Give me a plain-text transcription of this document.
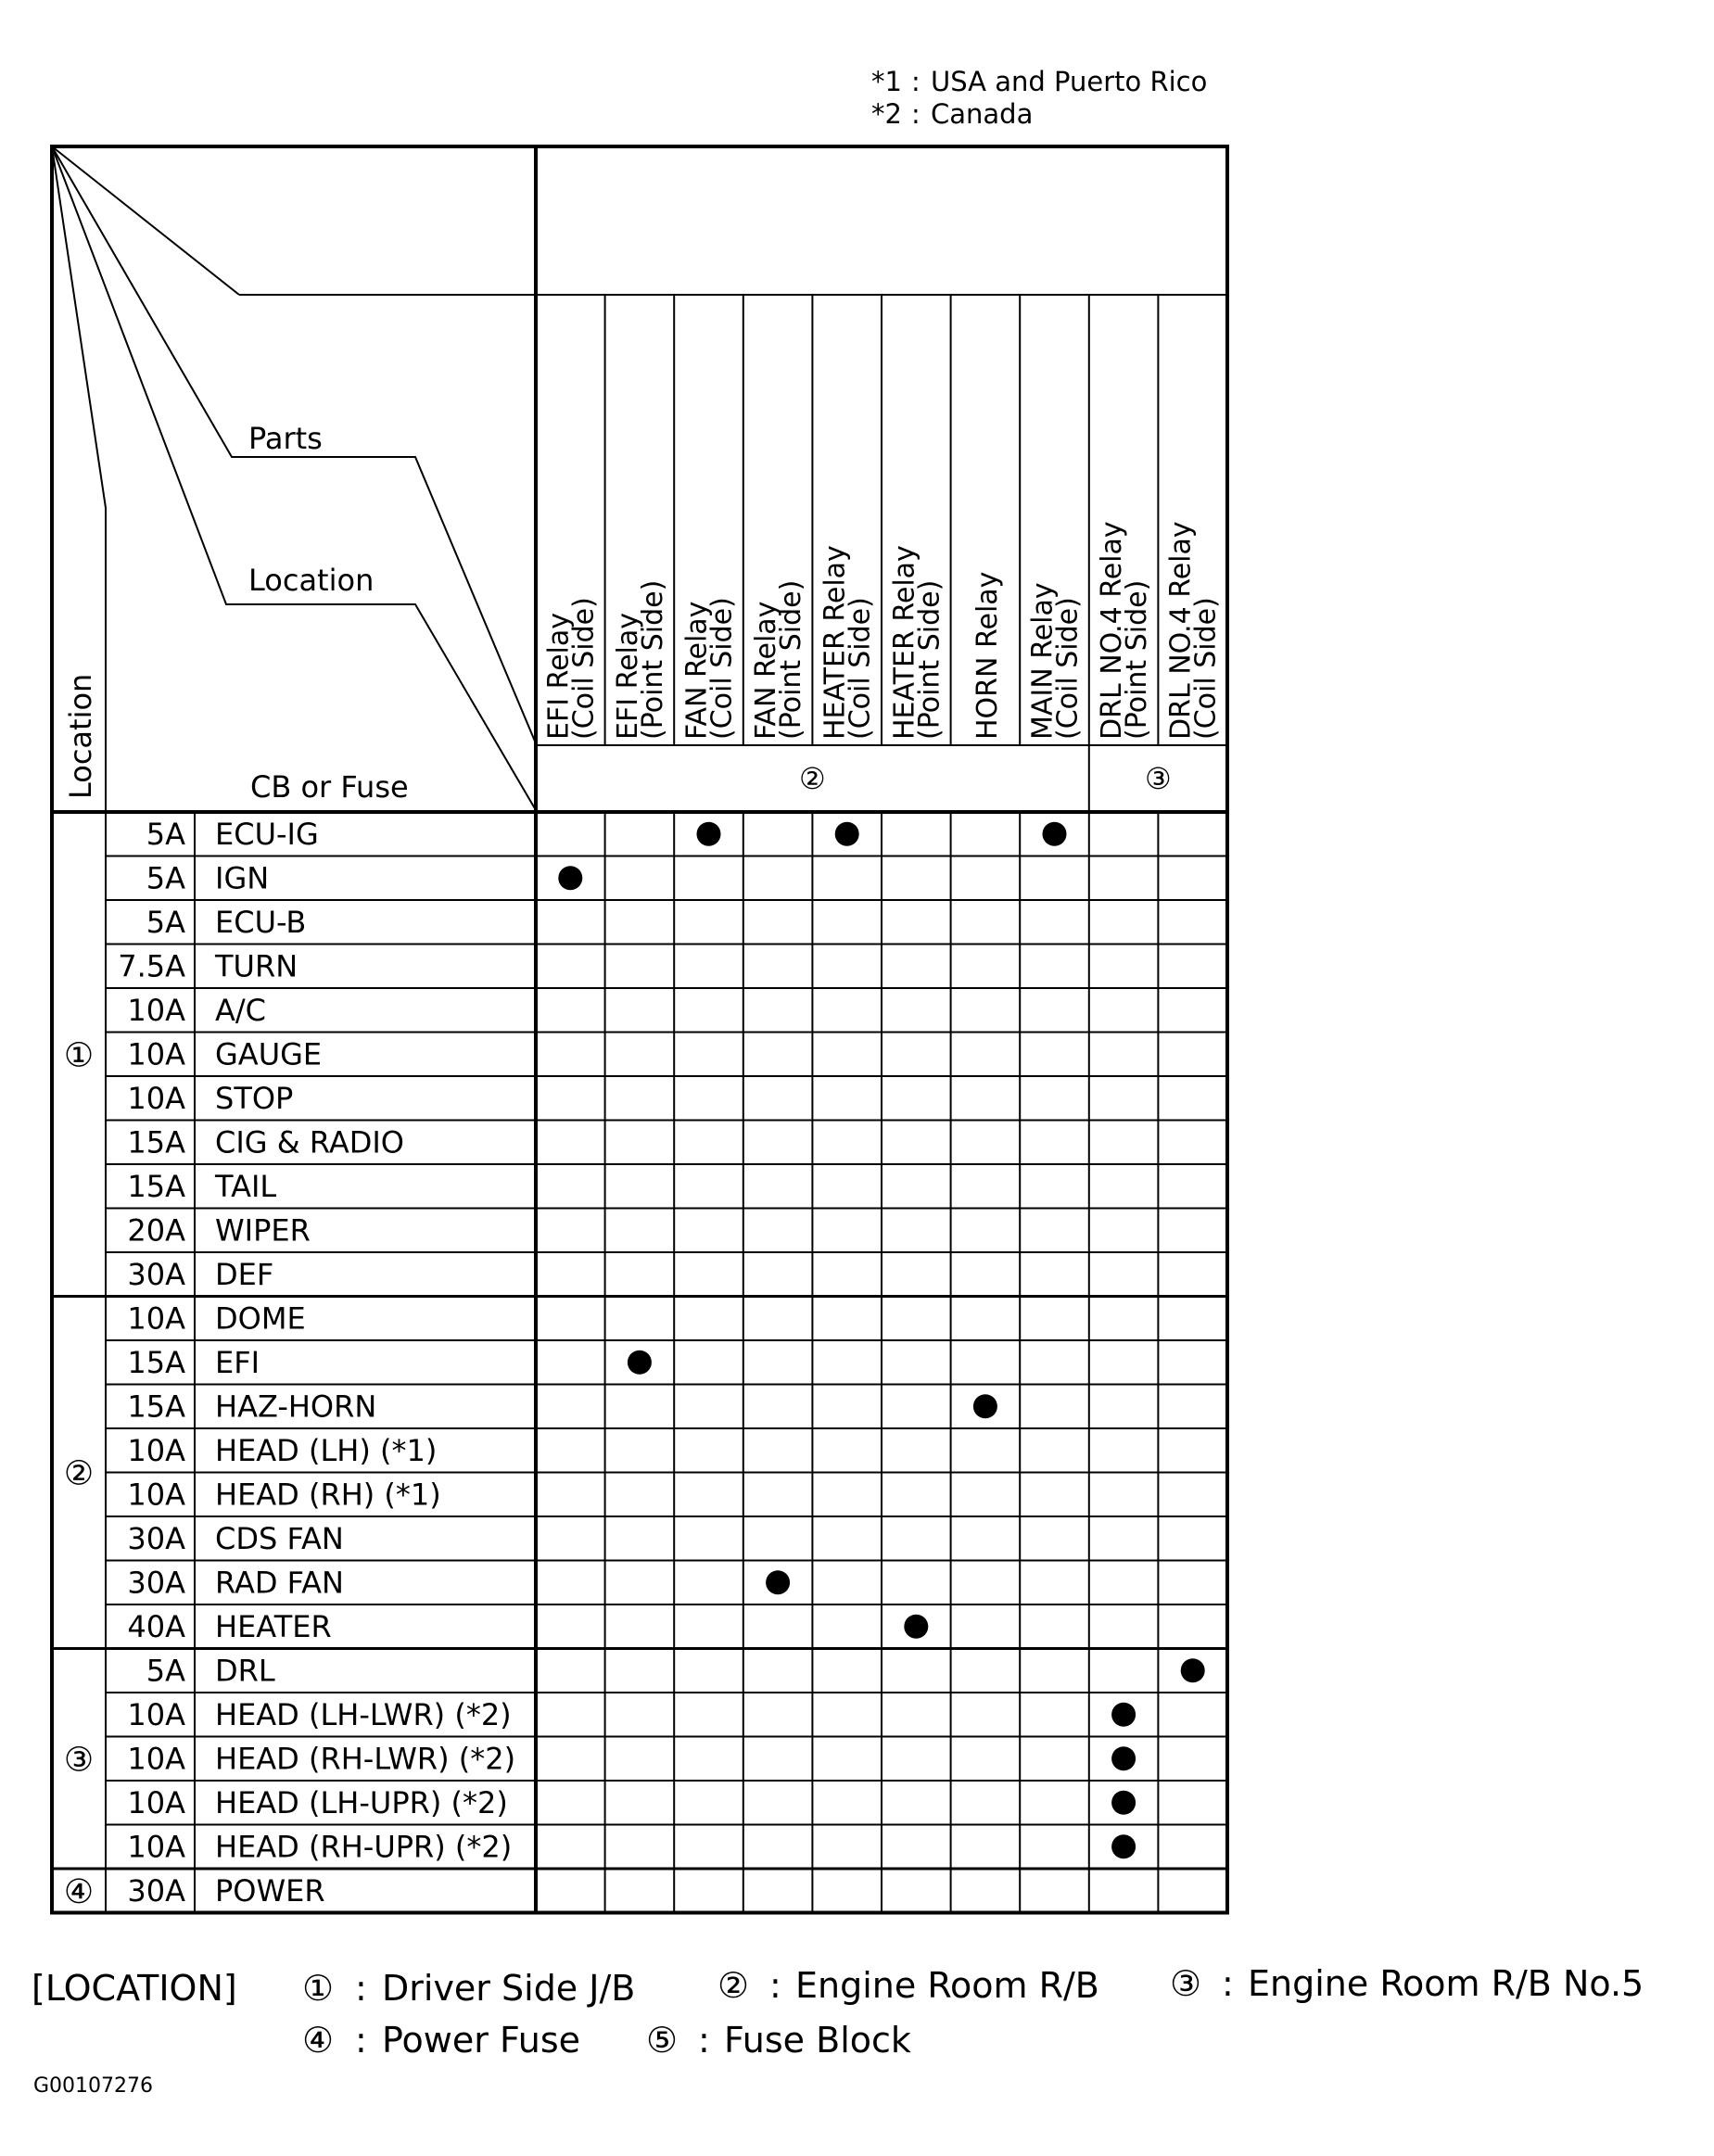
*1 : USA and Puerto Rico
*2 : Canada
Parts
Location
Location	CB or Fuse
EFI Relay
(Coil Side) EFI Relay
(Point Side) FAN Relay
(Coil Side) FAN Relay
(Point Side) HEATER Relay
(Coil Side) HEATER Relay
(Point Side) HORN Relay MAIN Relay
(Coil Side) DRL NO.4 Relay
(Point Side) DRL NO.4 Relay
(Coil Side)
②	③
5A ECU-IG
5A IGN
5A ECU-B
7.5A TURN
10A A/C
10A GAUGE
10A STOP
15A CIG & RADIO
15A TAIL
20A WIPER
30A DEF
①
10A DOME
15A EFI
15A HAZ-HORN
10A HEAD (LH) (*1)
10A HEAD (RH) (*1)
30A CDS FAN
30A RAD FAN
40A HEATER
②
5A DRL
10A HEAD (LH-LWR) (*2)
10A HEAD (RH-LWR) (*2)
10A HEAD (LH-UPR) (*2)
10A HEAD (RH-UPR) (*2)
③
30A POWER
④
[LOCATION] ① : Driver Side J/B ② : Engine Room R/B ③ : Engine Room R/B No.5
④ : Power Fuse ⑤ : Fuse Block
G00107276
